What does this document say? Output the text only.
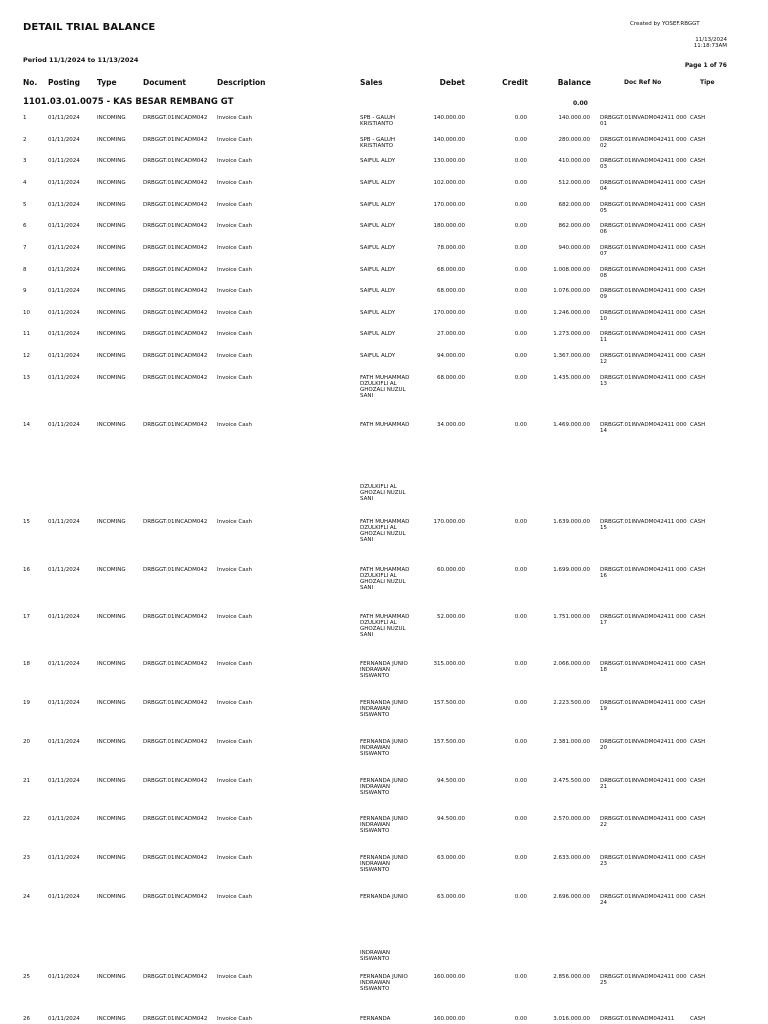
DETAIL TRIAL BALANCE	Created by YOSEF.RBGGT
11/13/2024
11:18:73AM
Period 11/1/2024 to 11/13/2024
Page 1 of 76
No. Posting Type	Document	Description	Sales	Debet	Credit	Balance	Doc Ref No	Tipe
1101.03.01.0075 - KAS BESAR REMBANG GT	0.00
1	01/11/2024	INCOMING	DRBGGT.01INCADM042 Invoice Cash	SPB - GALUH KRISTIANTO
140.000.00	0.00	140.000.00 DRBGGT.01INVADM042411 00001
CASH
2	01/11/2024	INCOMING	DRBGGT.01INCADM042 Invoice Cash	SPB - GALUH KRISTIANTO
140.000.00	0.00	280.000.00 DRBGGT.01INVADM042411 00002
CASH
3	01/11/2024	INCOMING	DRBGGT.01INCADM042 Invoice Cash	SAIFUL ALDY	130.000.00	0.00	410.000.00 DRBGGT.01INVADM042411 00003
CASH
4	01/11/2024	INCOMING	DRBGGT.01INCADM042 Invoice Cash	SAIFUL ALDY	102.000.00	0.00	512.000.00 DRBGGT.01INVADM042411 00004
CASH
5	01/11/2024	INCOMING	DRBGGT.01INCADM042 Invoice Cash	SAIFUL ALDY	170.000.00	0.00	682.000.00 DRBGGT.01INVADM042411 00005
CASH
6	01/11/2024	INCOMING	DRBGGT.01INCADM042 Invoice Cash	SAIFUL ALDY	180.000.00	0.00	862.000.00 DRBGGT.01INVADM042411 00006
CASH
7	01/11/2024	INCOMING	DRBGGT.01INCADM042 Invoice Cash	SAIFUL ALDY	78.000.00	0.00	940.000.00 DRBGGT.01INVADM042411 00007
CASH
8	01/11/2024	INCOMING	DRBGGT.01INCADM042 Invoice Cash	SAIFUL ALDY	68.000.00	0.00	1.008.000.00 DRBGGT.01INVADM042411 00008
CASH
9	01/11/2024	INCOMING	DRBGGT.01INCADM042 Invoice Cash	SAIFUL ALDY	68.000.00	0.00	1.076.000.00 DRBGGT.01INVADM042411 00009
CASH
10	01/11/2024	INCOMING	DRBGGT.01INCADM042 Invoice Cash	SAIFUL ALDY	170.000.00	0.00	1.246.000.00 DRBGGT.01INVADM042411 00010
CASH
11	01/11/2024	INCOMING	DRBGGT.01INCADM042 Invoice Cash	SAIFUL ALDY	27.000.00	0.00	1.273.000.00 DRBGGT.01INVADM042411 00011
CASH
12	01/11/2024	INCOMING	DRBGGT.01INCADM042 Invoice Cash	SAIFUL ALDY	94.000.00	0.00	1.367.000.00 DRBGGT.01INVADM042411 00012
CASH
13	01/11/2024	INCOMING	DRBGGT.01INCADM042 Invoice Cash	FATH MUHAMMAD DZULKIFLI AL GHOZALI NUZUL SANI
68.000.00	0.00	1.435.000.00 DRBGGT.01INVADM042411 00013
CASH
14	01/11/2024	INCOMING	DRBGGT.01INCADM042 Invoice Cash	FATH MUHAMMAD	34.000.00	0.00	1.469.000.00 DRBGGT.01INVADM042411 00014
CASH
15	01/11/2024	INCOMING	DRBGGT.01INCADM042 Invoice Cash	FATH MUHAMMAD DZULKIFLI AL GHOZALI NUZUL SANI
170.000.00	0.00	1.639.000.00 DRBGGT.01INVADM042411 00015
CASH
16	01/11/2024	INCOMING	DRBGGT.01INCADM042 Invoice Cash	FATH MUHAMMAD DZULKIFLI AL GHOZALI NUZUL SANI
60.000.00	0.00	1.699.000.00 DRBGGT.01INVADM042411 00016
CASH
17	01/11/2024	INCOMING	DRBGGT.01INCADM042 Invoice Cash	FATH MUHAMMAD DZULKIFLI AL GHOZALI NUZUL SANI
52.000.00	0.00	1.751.000.00 DRBGGT.01INVADM042411 00017
CASH
18	01/11/2024	INCOMING	DRBGGT.01INCADM042 Invoice Cash	FERNANDA JUNIO INDRAWAN SISWANTO
315.000.00	0.00	2.066.000.00 DRBGGT.01INVADM042411 00018
CASH
19	01/11/2024	INCOMING	DRBGGT.01INCADM042 Invoice Cash	FERNANDA JUNIO INDRAWAN SISWANTO
157.500.00	0.00	2.223.500.00 DRBGGT.01INVADM042411 00019
CASH
20	01/11/2024	INCOMING	DRBGGT.01INCADM042 Invoice Cash	FERNANDA JUNIO INDRAWAN SISWANTO
157.500.00	0.00	2.381.000.00 DRBGGT.01INVADM042411 00020
CASH
21	01/11/2024	INCOMING	DRBGGT.01INCADM042 Invoice Cash	FERNANDA JUNIO INDRAWAN SISWANTO
94.500.00	0.00	2.475.500.00 DRBGGT.01INVADM042411 00021
CASH
22	01/11/2024	INCOMING	DRBGGT.01INCADM042 Invoice Cash	FERNANDA JUNIO INDRAWAN SISWANTO
94.500.00	0.00	2.570.000.00 DRBGGT.01INVADM042411 00022
CASH
23	01/11/2024	INCOMING	DRBGGT.01INCADM042 Invoice Cash	FERNANDA JUNIO INDRAWAN SISWANTO
63.000.00	0.00	2.633.000.00 DRBGGT.01INVADM042411 00023
CASH
24	01/11/2024	INCOMING	DRBGGT.01INCADM042 Invoice Cash	FERNANDA JUNIO	63.000.00	0.00	2.696.000.00 DRBGGT.01INVADM042411 00024
CASH
25	01/11/2024	INCOMING	DRBGGT.01INCADM042 Invoice Cash	FERNANDA JUNIO INDRAWAN SISWANTO
160.000.00	0.00	2.856.000.00 DRBGGT.01INVADM042411 00025
CASH
26	01/11/2024	INCOMING	DRBGGT.01INCADM042 Invoice Cash	FERNANDA	160.000.00	0.00	3.016.000.00 DRBGGT.01INVADM042411	CASH
DZULKIFLI AL GHOZALI NUZUL SANI
INDRAWAN SISWANTO
